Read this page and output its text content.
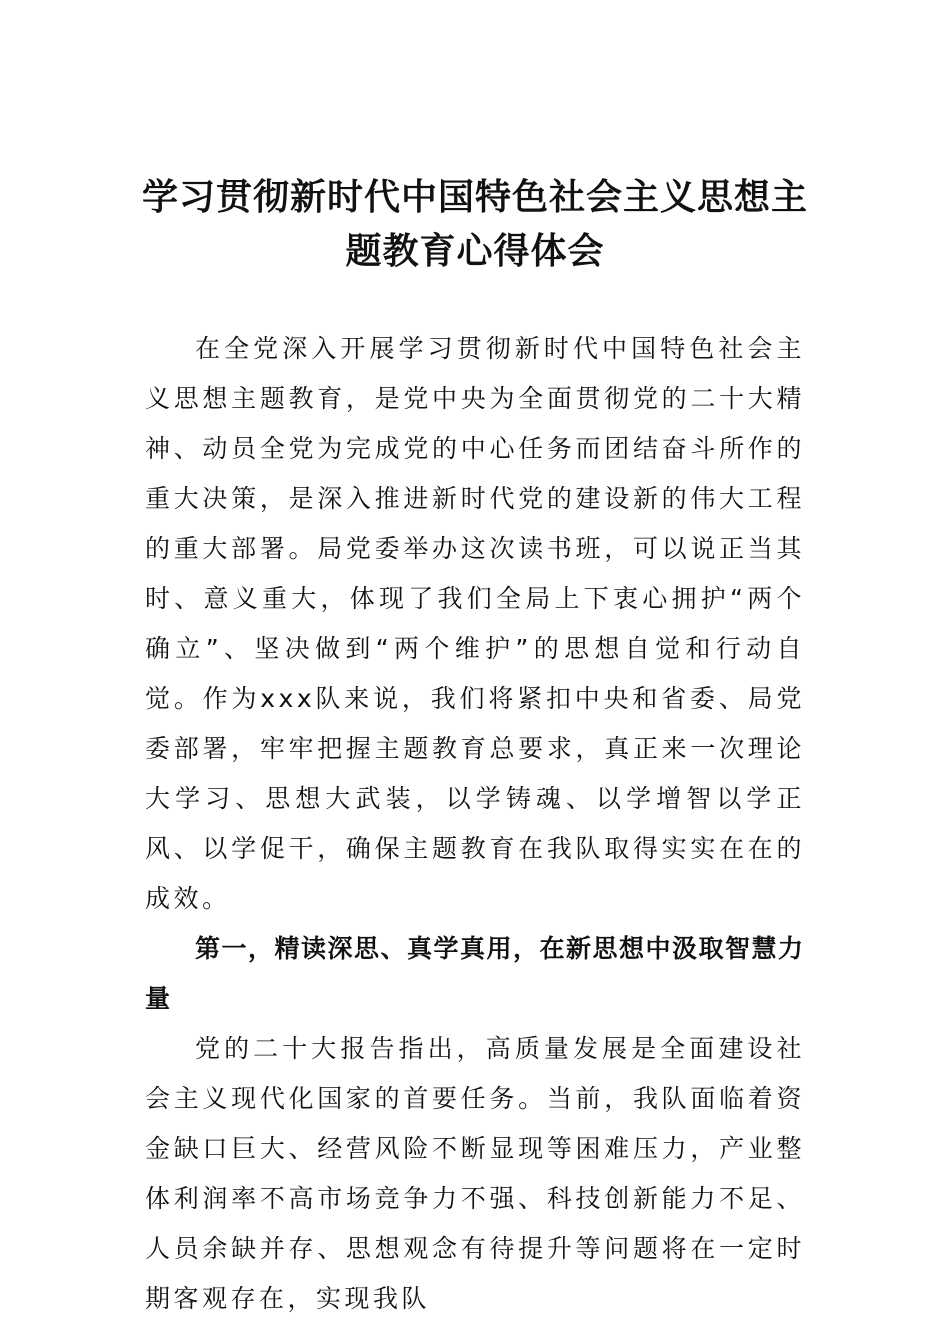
学习贯彻新时代中国特色社会主义思想主题教育心得体会

在全党深入开展学习贯彻新时代中国特色社会主义思想主题教育，是党中央为全面贯彻党的二十大精神、动员全党为完成党的中心任务而团结奋斗所作的重大决策，是深入推进新时代党的建设新的伟大工程的重大部署。局党委举办这次读书班，可以说正当其时、意义重大，体现了我们全局上下衷心拥护“两个确立”、坚决做到“两个维护”的思想自觉和行动自觉。作为xxx队来说，我们将紧扣中央和省委、局党委部署，牢牢把握主题教育总要求，真正来一次理论大学习、思想大武装，以学铸魂、以学增智以学正风、以学促干，确保主题教育在我队取得实实在在的成效。

第一，精读深思、真学真用，在新思想中汲取智慧力量

党的二十大报告指出，高质量发展是全面建设社会主义现代化国家的首要任务。当前，我队面临着资金缺口巨大、经营风险不断显现等困难压力，产业整体利润率不高市场竞争力不强、科技创新能力不足、人员余缺并存、思想观念有待提升等问题将在一定时期客观存在，实现我队
